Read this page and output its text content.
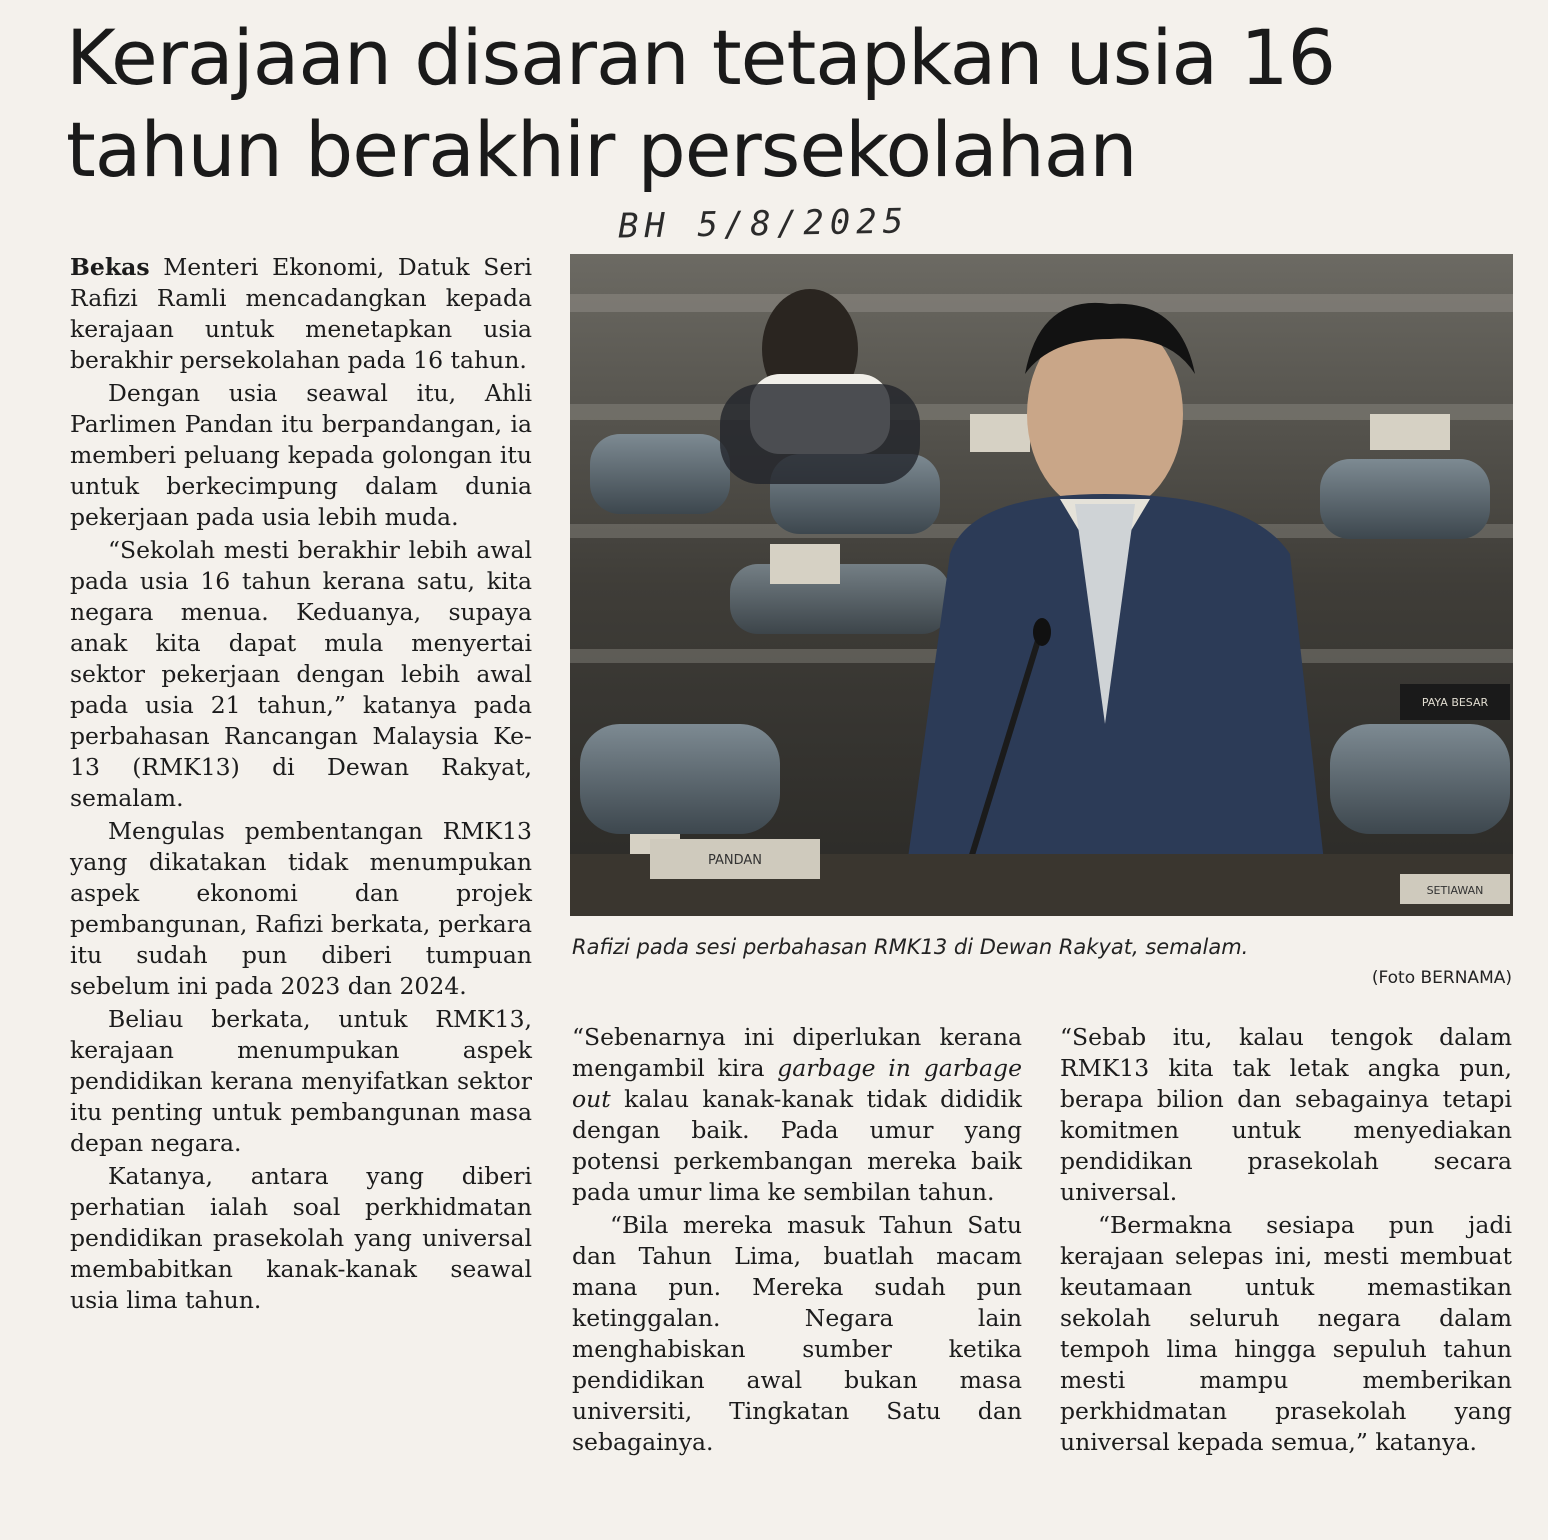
Kerajaan disaran tetapkan usia 16 tahun berakhir persekolahan
BH 5/8/2025

Bekas Menteri Ekonomi, Datuk Seri Rafizi Ramli mencadangkan kepada kerajaan untuk menetapkan usia berakhir persekolahan pada 16 tahun.

Dengan usia seawal itu, Ahli Parlimen Pandan itu berpandangan, ia memberi peluang kepada golongan itu untuk berkecimpung dalam dunia pekerjaan pada usia lebih muda.

“Sekolah mesti berakhir lebih awal pada usia 16 tahun kerana satu, kita negara menua. Keduanya, supaya anak kita dapat mula menyertai sektor pekerjaan dengan lebih awal pada usia 21 tahun,” katanya pada perbahasan Rancangan Malaysia Ke-13 (RMK13) di Dewan Rakyat, semalam.

Mengulas pembentangan RMK13 yang dikatakan tidak menumpukan aspek ekonomi dan projek pembangunan, Rafizi berkata, perkara itu sudah pun diberi tumpuan sebelum ini pada 2023 dan 2024.

Beliau berkata, untuk RMK13, kerajaan menumpukan aspek pendidikan kerana menyifatkan sektor itu penting untuk pembangunan masa depan negara.

Katanya, antara yang diberi perhatian ialah soal perkhidmatan pendidikan prasekolah yang universal membabitkan kanak-kanak seawal usia lima tahun.

PANDAN
PAYA BESAR
SETIAWAN
Rafizi pada sesi perbahasan RMK13 di Dewan Rakyat, semalam.
(Foto BERNAMA)

“Sebenarnya ini diperlukan kerana mengambil kira garbage in garbage out kalau kanak-kanak tidak dididik dengan baik. Pada umur yang potensi perkembangan mereka baik pada umur lima ke sembilan tahun.

“Bila mereka masuk Tahun Satu dan Tahun Lima, buatlah macam mana pun. Mereka sudah pun ketinggalan. Negara lain menghabiskan sumber ketika pendidikan awal bukan masa universiti, Tingkatan Satu dan sebagainya.

“Sebab itu, kalau tengok dalam RMK13 kita tak letak angka pun, berapa bilion dan sebagainya tetapi komitmen untuk menyediakan pendidikan prasekolah secara universal.

“Bermakna sesiapa pun jadi kerajaan selepas ini, mesti membuat keutamaan untuk memastikan sekolah seluruh negara dalam tempoh lima hingga sepuluh tahun mesti mampu memberikan perkhidmatan prasekolah yang universal kepada semua,” katanya.
